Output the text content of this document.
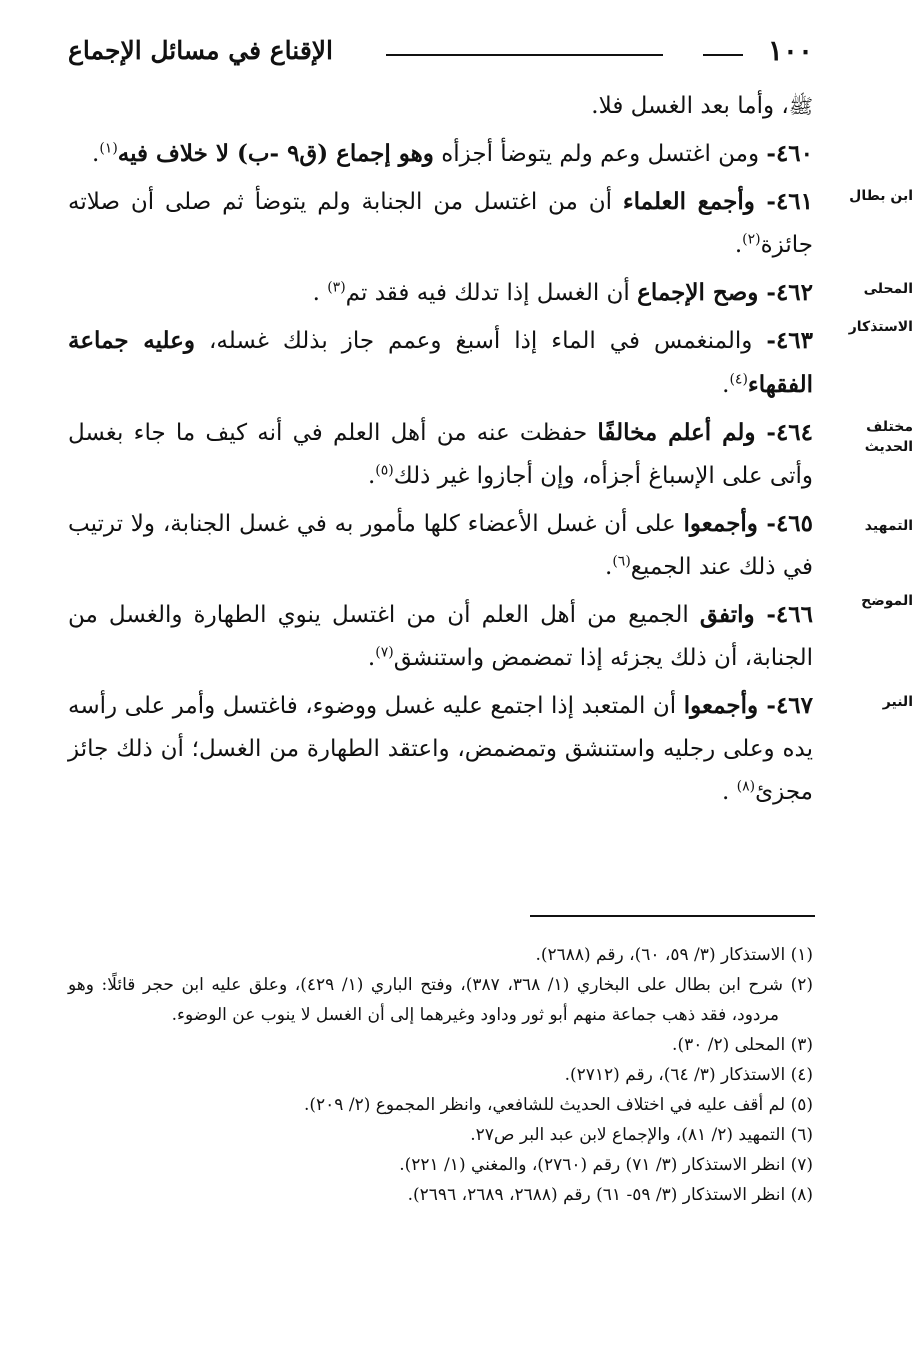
١٠٠
الإقناع في مسائل الإجماع

ﷺ، وأما بعد الغسل فلا.

٤٦٠- ومن اغتسل وعم ولم يتوضأ أجزأه وهو إجماع (ق٩ -ب) لا خلاف فيه$^{(١)}$.

ابن بطال
٤٦١- وأجمع العلماء أن من اغتسل من الجنابة ولم يتوضأ ثم صلى أن صلاته جائزة$^{(٢)}$.

المحلى
٤٦٢- وصح الإجماع أن الغسل إذا تدلك فيه فقد تم$^{(٣)}$ .

الاستذكار
٤٦٣- والمنغمس في الماء إذا أسبغ وعمم جاز بذلك غسله، وعليه جماعة الفقهاء$^{(٤)}$.

مختلف الحديث
٤٦٤- ولم أعلم مخالفًا حفظت عنه من أهل العلم في أنه كيف ما جاء بغسل وأتى على الإسباغ أجزأه، وإن أجازوا غير ذلك$^{(٥)}$.

التمهيد
٤٦٥- وأجمعوا على أن غسل الأعضاء كلها مأمور به في غسل الجنابة، ولا ترتيب في ذلك عند الجميع$^{(٦)}$.

الموضح
٤٦٦- واتفق الجميع من أهل العلم أن من اغتسل ينوي الطهارة والغسل من الجنابة، أن ذلك يجزئه إذا تمضمض واستنشق$^{(٧)}$.

النير
٤٦٧- وأجمعوا أن المتعبد إذا اجتمع عليه غسل ووضوء، فاغتسل وأمر على رأسه يده وعلى رجليه واستنشق وتمضمض، واعتقد الطهارة من الغسل؛ أن ذلك جائز مجزئ$^{(٨)}$ .

(١) الاستذكار (٣/ ٥٩، ٦٠)، رقم (٢٦٨٨).

(٢) شرح ابن بطال على البخاري (١/ ٣٦٨، ٣٨٧)، وفتح الباري (١/ ٤٢٩)، وعلق عليه ابن حجر قائلًا: وهو مردود، فقد ذهب جماعة منهم أبو ثور وداود وغيرهما إلى أن الغسل لا ينوب عن الوضوء.

(٣) المحلى (٢/ ٣٠).

(٤) الاستذكار (٣/ ٦٤)، رقم (٢٧١٢).

(٥) لم أقف عليه في اختلاف الحديث للشافعي، وانظر المجموع (٢/ ٢٠٩).

(٦) التمهيد (٢/ ٨١)، والإجماع لابن عبد البر ص٢٧.

(٧) انظر الاستذكار (٣/ ٧١) رقم (٢٧٦٠)، والمغني (١/ ٢٢١).

(٨) انظر الاستذكار (٣/ ٥٩- ٦١) رقم (٢٦٨٨، ٢٦٨٩، ٢٦٩٦).
